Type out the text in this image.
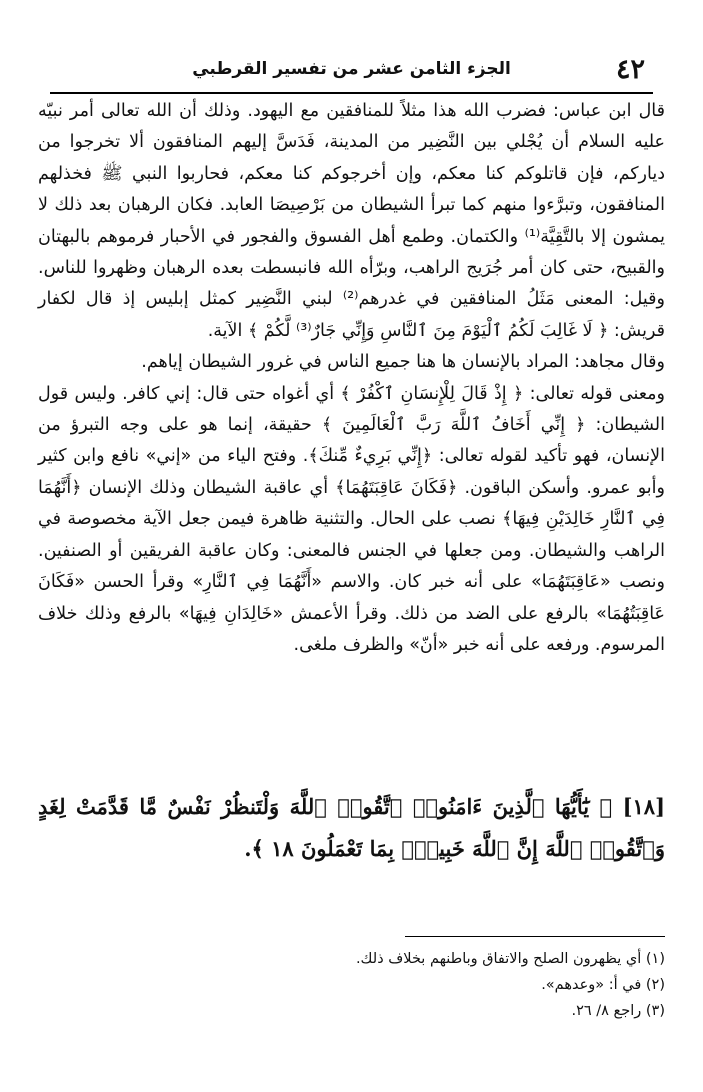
٤٢
الجزء الثامن عشر من تفسير القرطبي

قال ابن عباس: فضرب الله هذا مثلاً للمنافقين مع اليهود. وذلك أن الله تعالى أمر نبيّه عليه السلام أن يُجْلي بين النَّضِير من المدينة، فَدَسَّ إليهم المنافقون ألا تخرجوا من دياركم، فإن قاتلوكم كنا معكم، وإن أخرجوكم كنا معكم، فحاربوا النبي ﷺ فخذلهم المنافقون، وتبرَّءوا منهم كما تبرأ الشيطان من بَرْصِيصَا العابد. فكان الرهبان بعد ذلك لا يمشون إلا بالتَّقِيَّة⁽¹⁾ والكتمان. وطمع أهل الفسوق والفجور في الأحبار فرموهم بالبهتان والقبيح، حتى كان أمر جُرَيج الراهب، وبرّأه الله فانبسطت بعده الرهبان وظهروا للناس. وقيل: المعنى مَثَلُ المنافقين في غدرهم⁽²⁾ لبني النَّضِير كمثل إبليس إذ قال لكفار قريش: ﴿ لَا غَالِبَ لَكُمُ ٱلْيَوْمَ مِنَ ٱلنَّاسِ وَإِنِّي جَارٌ⁽³⁾ لَّكُمْ ﴾ الآية.

وقال مجاهد: المراد بالإنسان ها هنا جميع الناس في غرور الشيطان إياهم.

ومعنى قوله تعالى: ﴿ إِذْ قَالَ لِلْإِنسَانِ ٱكْفُرْ ﴾ أي أغواه حتى قال: إني كافر. وليس قول الشيطان: ﴿ إِنِّي أَخَافُ ٱللَّهَ رَبَّ ٱلْعَالَمِينَ ﴾ حقيقة، إنما هو على وجه التبرؤ من الإنسان، فهو تأكيد لقوله تعالى: ﴿إِنِّي بَرِيءٌ مِّنكَ﴾. وفتح الياء من «إني» نافع وابن كثير وأبو عمرو. وأسكن الباقون. ﴿فَكَانَ عَاقِبَتَهُمَا﴾ أي عاقبة الشيطان وذلك الإنسان ﴿أَنَّهُمَا فِي ٱلنَّارِ خَالِدَيْنِ فِيهَا﴾ نصب على الحال. والتثنية ظاهرة فيمن جعل الآية مخصوصة في الراهب والشيطان. ومن جعلها في الجنس فالمعنى: وكان عاقبة الفريقين أو الصنفين. ونصب «عَاقِبَتَهُمَا» على أنه خبر كان. والاسم «أَنَّهُمَا فِي ٱلنَّارِ» وقرأ الحسن «فَكَانَ عَاقِبَتُهُمَا» بالرفع على الضد من ذلك. وقرأ الأعمش «خَالِدَانِ فِيهَا» بالرفع وذلك خلاف المرسوم. ورفعه على أنه خبر «أنّ» والظرف ملغى.

[١٨] ﴿ يَٰٓأَيُّهَا ٱلَّذِينَ ءَامَنُوا۟ ٱتَّقُوا۟ ٱللَّهَ وَلْتَنظُرْ نَفْسٌ مَّا قَدَّمَتْ لِغَدٍ وَٱتَّقُوا۟ ٱللَّهَ إِنَّ ٱللَّهَ خَبِيرٌۢ بِمَا تَعْمَلُونَ ١٨ ﴾.
(١) أي يظهرون الصلح والاتفاق وباطنهم بخلاف ذلك.
(٢) في أ: «وعدهم».
(٣) راجع ٨/ ٢٦.
